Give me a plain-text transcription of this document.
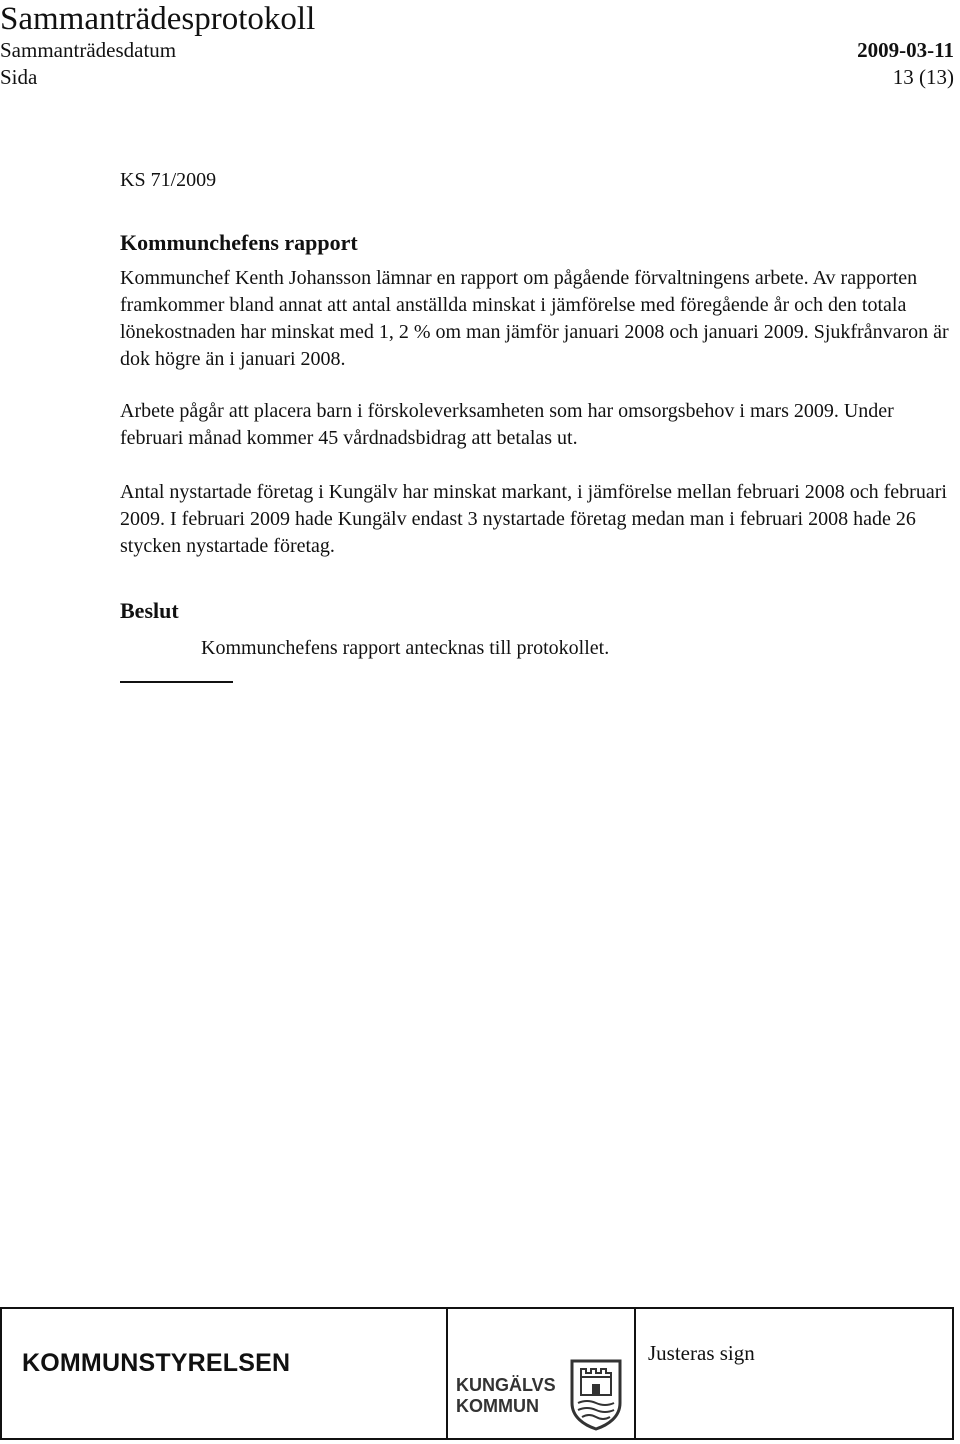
Sammanträdesprotokoll
Sammanträdesdatum	2009-03-11
Sida	13 (13)
KS 71/2009
Kommunchefens rapport

Kommunchef Kenth Johansson lämnar en rapport om pågående förvaltningens arbete. Av rapporten framkommer bland annat att antal anställda minskat i jämförelse med föregående år och den totala lönekostnaden har minskat med 1, 2 % om man jämför januari 2008 och januari 2009. Sjukfrånvaron är dok högre än i januari 2008.

Arbete pågår att placera barn i förskoleverksamheten som har omsorgsbehov i mars 2009. Under februari månad kommer 45 vårdnadsbidrag att betalas ut.

Antal nystartade företag i Kungälv har minskat markant, i jämförelse mellan februari 2008 och februari 2009. I februari 2009 hade Kungälv endast 3 nystartade företag medan man i februari 2008 hade 26 stycken nystartade företag.

Beslut
Kommunchefens rapport antecknas till protokollet.
KOMMUNSTYRELSEN
KUNGÄLVS
KOMMUN
Justeras sign
